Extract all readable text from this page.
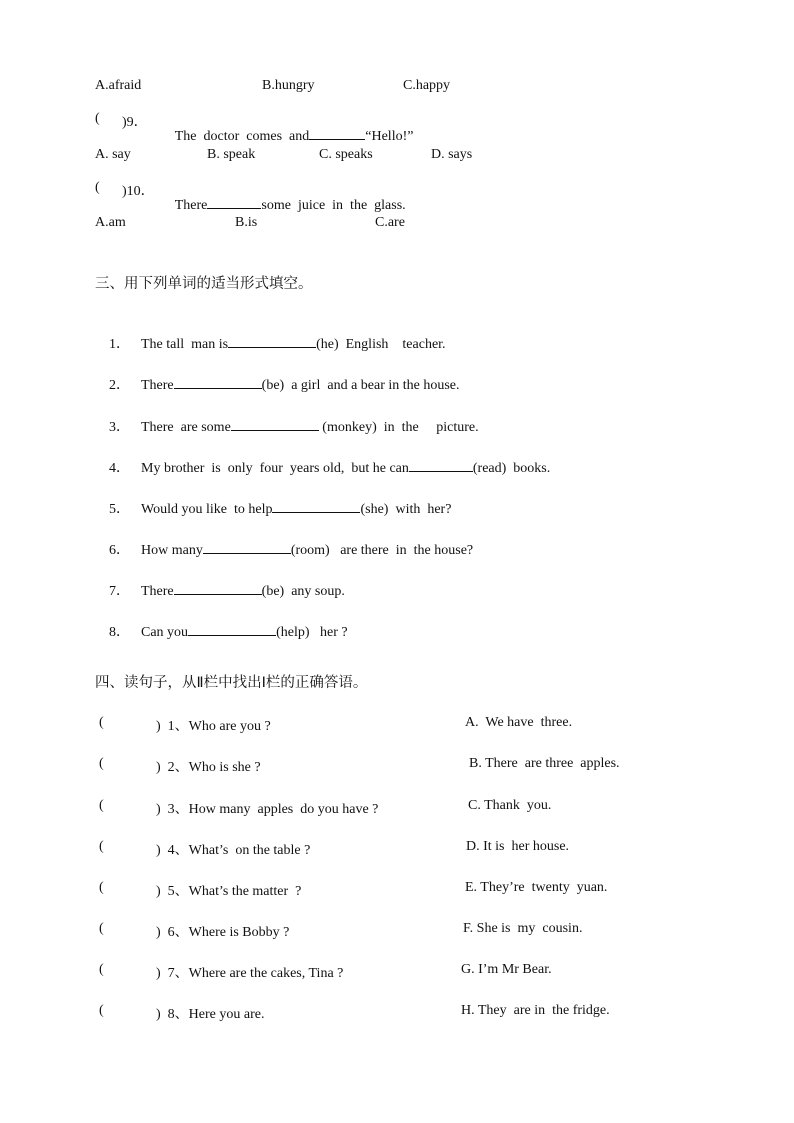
A.afraid	B.hungry	C.happy
( )9．

The  doctor  comes  and	“Hello!”

A. say	B. speak	C. speaks	D. says
( )10．

There	some  juice  in  the  glass.

A.am	B.is	C.are
三、用下列单词的适当形式填空。

1． The tall  man is	(he)  English    teacher.

2． There	(be)  a girl  and a bear in the house.

3． There  are some	(monkey)  in  the     picture.

4． My brother  is  only  four  years old,  but he can	(read)  books.

5． Would you like  to help	(she)  with  her?

6． How many	(room)   are there  in  the house?

7． There	(be)  any soup.

8． Can you	(help)   her ?

四、读句子，从Ⅱ栏中找出Ⅰ栏的正确答语。
(	)  1、Who are you ?	A.  We have  three.
(	)  2、Who is she ?	B. There  are three  apples.
(	)  3、How many  apples  do you have ?	C. Thank  you.
(	)  4、What’s  on the table ?	D. It is  her house.
(	)  5、What’s the matter  ?	E. They’re  twenty  yuan.
(	)  6、Where is Bobby ?	F. She is  my  cousin.
(	)  7、Where are the cakes, Tina ?	G. I’m Mr Bear.
(	)  8、Here you are.	H. They  are in  the fridge.
